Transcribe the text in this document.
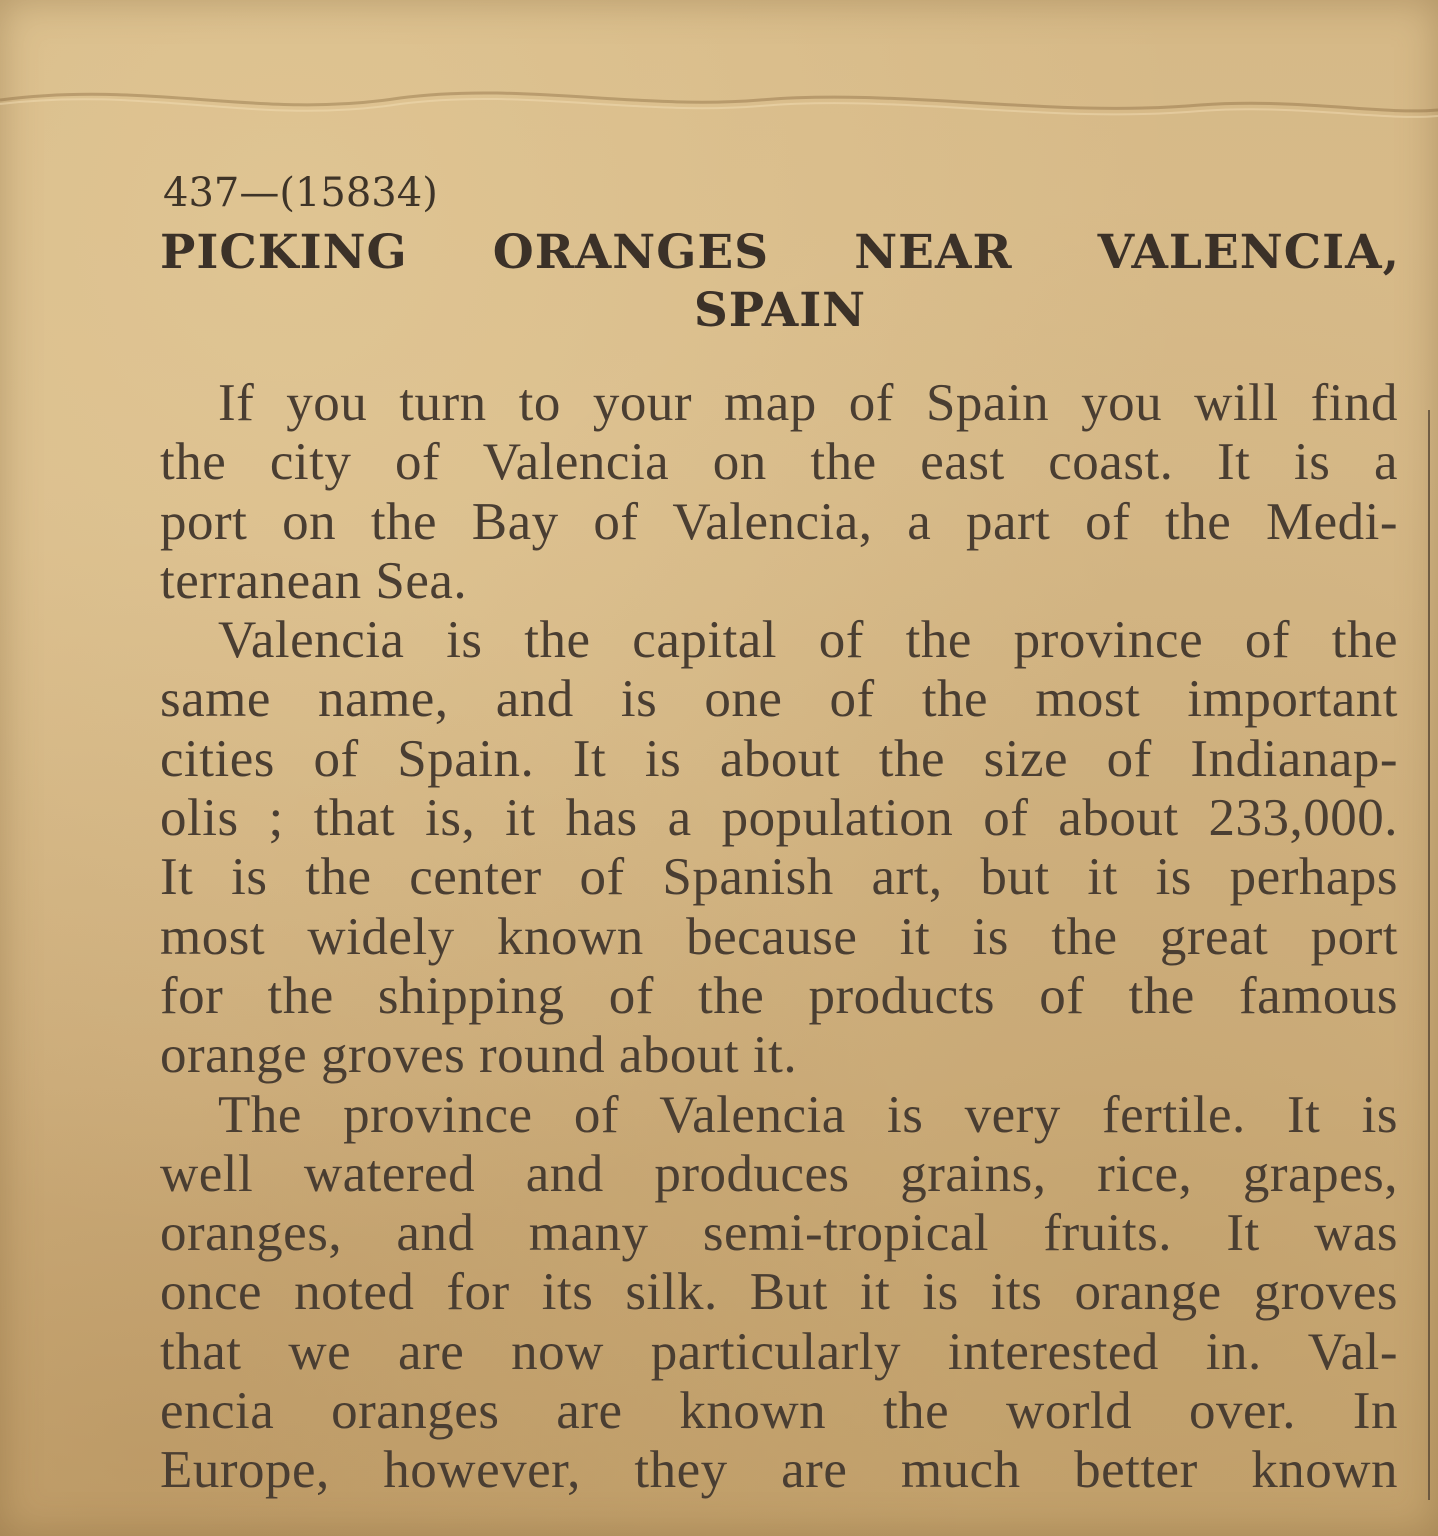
437—(15834)
PICKING ORANGES NEAR VALENCIA,
SPAIN
If you turn to your map of Spain you will find
the city of Valencia on the east coast. It is a
port on the Bay of Valencia, a part of the Medi-
terranean Sea.
Valencia is the capital of the province of the
same name, and is one of the most important
cities of Spain. It is about the size of Indianap-
olis ; that is, it has a population of about 233,000.
It is the center of Spanish art, but it is perhaps
most widely known because it is the great port
for the shipping of the products of the famous
orange groves round about it.
The province of Valencia is very fertile. It is
well watered and produces grains, rice, grapes,
oranges, and many semi-tropical fruits. It was
once noted for its silk. But it is its orange groves
that we are now particularly interested in. Val-
encia oranges are known the world over. In
Europe, however, they are much better known
